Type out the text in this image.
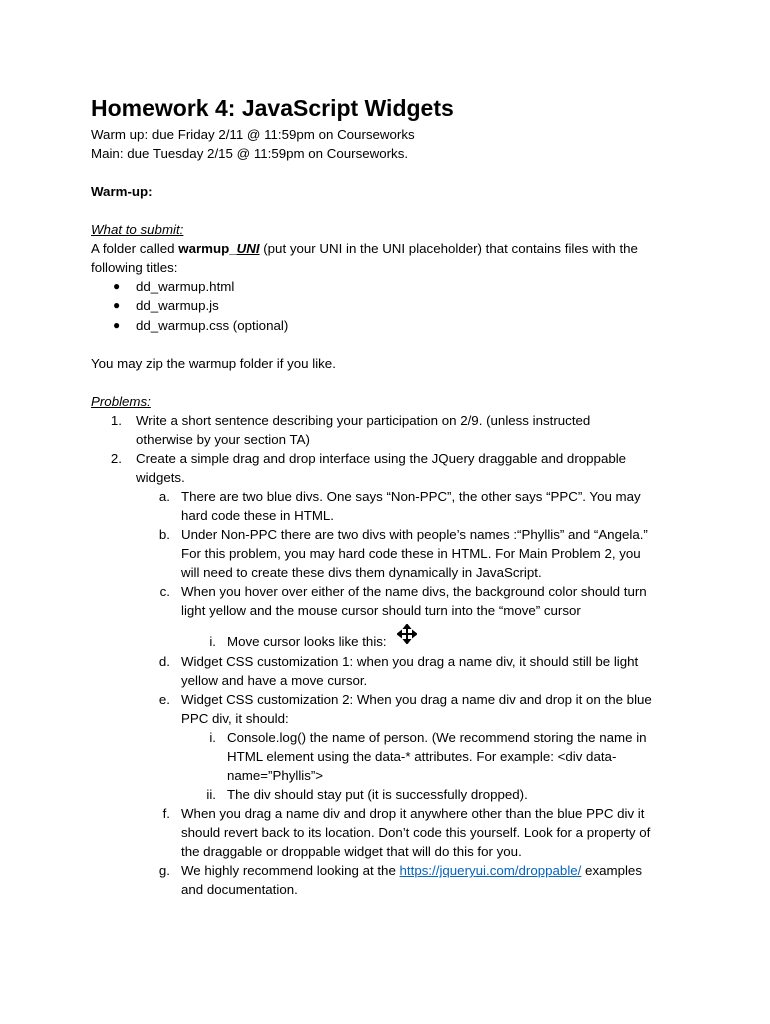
Homework 4: JavaScript Widgets
Warm up: due Friday 2/11 @ 11:59pm on Courseworks
Main: due Tuesday 2/15 @ 11:59pm on Courseworks.
Warm-up:
What to submit:
A folder called warmup_UNI (put your UNI in the UNI placeholder) that contains files with the
following titles:
● dd_warmup.html
● dd_warmup.js
● dd_warmup.css (optional)
You may zip the warmup folder if you like.
Problems:
1. Write a short sentence describing your participation on 2/9. (unless instructed
otherwise by your section TA)
2. Create a simple drag and drop interface using the JQuery draggable and droppable
widgets.
a. There are two blue divs. One says “Non-PPC”, the other says “PPC”. You may
hard code these in HTML.
b. Under Non-PPC there are two divs with people’s names :“Phyllis” and “Angela.”
For this problem, you may hard code these in HTML. For Main Problem 2, you
will need to create these divs them dynamically in JavaScript.
c. When you hover over either of the name divs, the background color should turn
light yellow and the mouse cursor should turn into the “move” cursor
i. Move cursor looks like this:
d. Widget CSS customization 1: when you drag a name div, it should still be light
yellow and have a move cursor.
e. Widget CSS customization 2: When you drag a name div and drop it on the blue
PPC div, it should:
i. Console.log() the name of person. (We recommend storing the name in
HTML element using the data-* attributes. For example: <div data-
name=”Phyllis”>
ii. The div should stay put (it is successfully dropped).
f. When you drag a name div and drop it anywhere other than the blue PPC div it
should revert back to its location. Don’t code this yourself. Look for a property of
the draggable or droppable widget that will do this for you.
g. We highly recommend looking at the https://jqueryui.com/droppable/ examples
and documentation.
